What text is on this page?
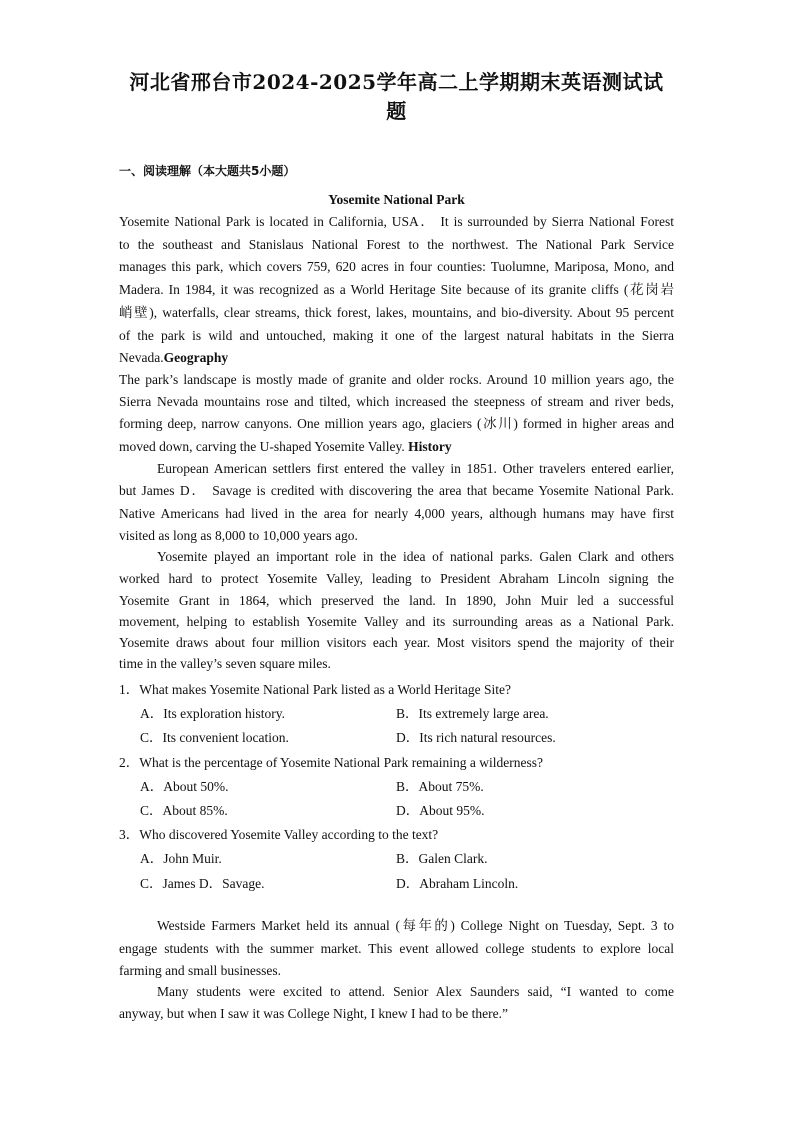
河北省邢台市2024-2025学年高二上学期期末英语测试试
题
一、阅读理解（本大题共5小题）
Yosemite National Park
Yosemite National Park is located in California, USA． It is surrounded by Sierra National Forest
to the southeast and Stanislaus National Forest to the northwest. The National Park Service
manages this park, which covers 759, 620 acres in four counties: Tuolumne, Mariposa, Mono, and
Madera. In 1984, it was recognized as a World Heritage Site because of its granite cliffs (花岗岩
峭壁), waterfalls, clear streams, thick forest, lakes, mountains, and bio-diversity. About 95 percent
of the park is wild and untouched, making it one of the largest natural habitats in the Sierra
Nevada.Geography
The park’s landscape is mostly made of granite and older rocks. Around 10 million years ago, the
Sierra Nevada mountains rose and tilted, which increased the steepness of stream and river beds,
forming deep, narrow canyons. One million years ago, glaciers (冰川) formed in higher areas and
moved down, carving the U-shaped Yosemite Valley. History
European American settlers first entered the valley in 1851. Other travelers entered earlier,
but James D． Savage is credited with discovering the area that became Yosemite National Park.
Native Americans had lived in the area for nearly 4,000 years, although humans may have first
visited as long as 8,000 to 10,000 years ago.
Yosemite played an important role in the idea of national parks. Galen Clark and others
worked hard to protect Yosemite Valley, leading to President Abraham Lincoln signing the
Yosemite Grant in 1864, which preserved the land. In 1890, John Muir led a successful
movement, helping to establish Yosemite Valley and its surrounding areas as a National Park.
Yosemite draws about four million visitors each year. Most visitors spend the majority of their
time in the valley’s seven square miles.
1．What makes Yosemite National Park listed as a World Heritage Site?
A．Its exploration history.	B．Its extremely large area.
C．Its convenient location.	D．Its rich natural resources.
2．What is the percentage of Yosemite National Park remaining a wilderness?
A．About 50%.	B．About 75%.
C．About 85%.	D．About 95%.
3．Who discovered Yosemite Valley according to the text?
A．John Muir.	B．Galen Clark.
C．James D．Savage.	D．Abraham Lincoln.
Westside Farmers Market held its annual (每年的) College Night on Tuesday, Sept. 3 to
engage students with the summer market. This event allowed college students to explore local
farming and small businesses.
Many students were excited to attend. Senior Alex Saunders said, “I wanted to come
anyway, but when I saw it was College Night, I knew I had to be there.”
